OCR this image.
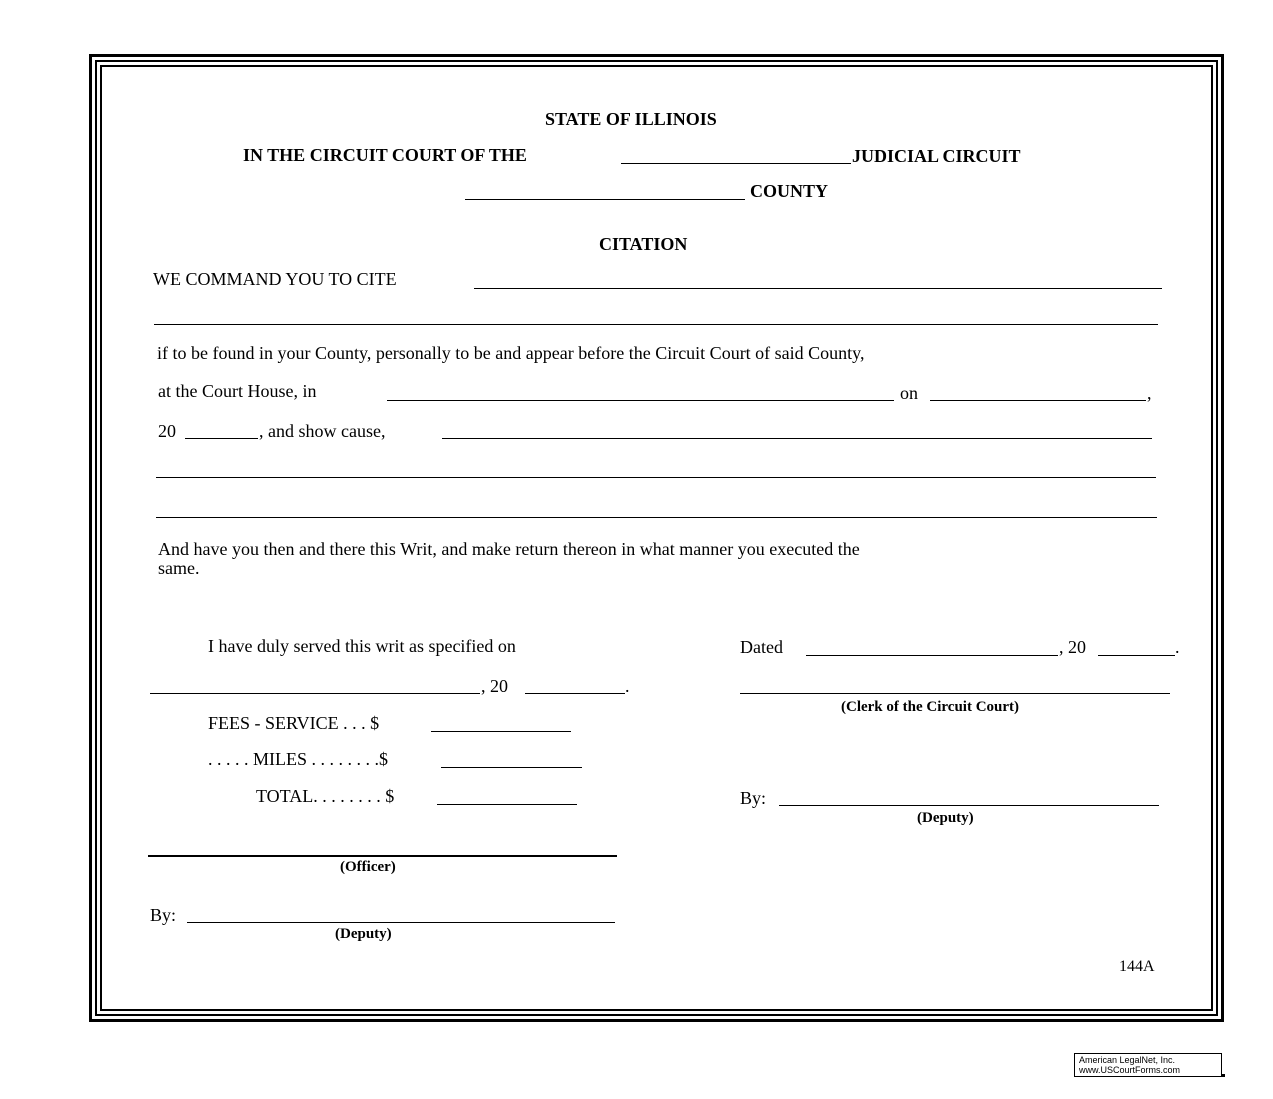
STATE OF ILLINOIS
IN THE CIRCUIT COURT OF THE	JUDICIAL CIRCUIT
COUNTY
CITATION
WE COMMAND YOU TO CITE
if to be found in your County, personally to be and appear before the Circuit Court of said County,
at the Court House, in	on	,
20	, and show cause,
And have you then and there this Writ, and make return thereon in what manner you executed the
same.
I have duly served this writ as specified on
, 20	.
FEES - SERVICE . . . $
. . . . . MILES . . . . . . . .$
TOTAL. . . . . . . . $
(Officer)
By:
(Deputy)
Dated	, 20	.
(Clerk of the Circuit Court)
By:
(Deputy)
144A
American LegalNet, Inc.
www.USCourtForms.com
